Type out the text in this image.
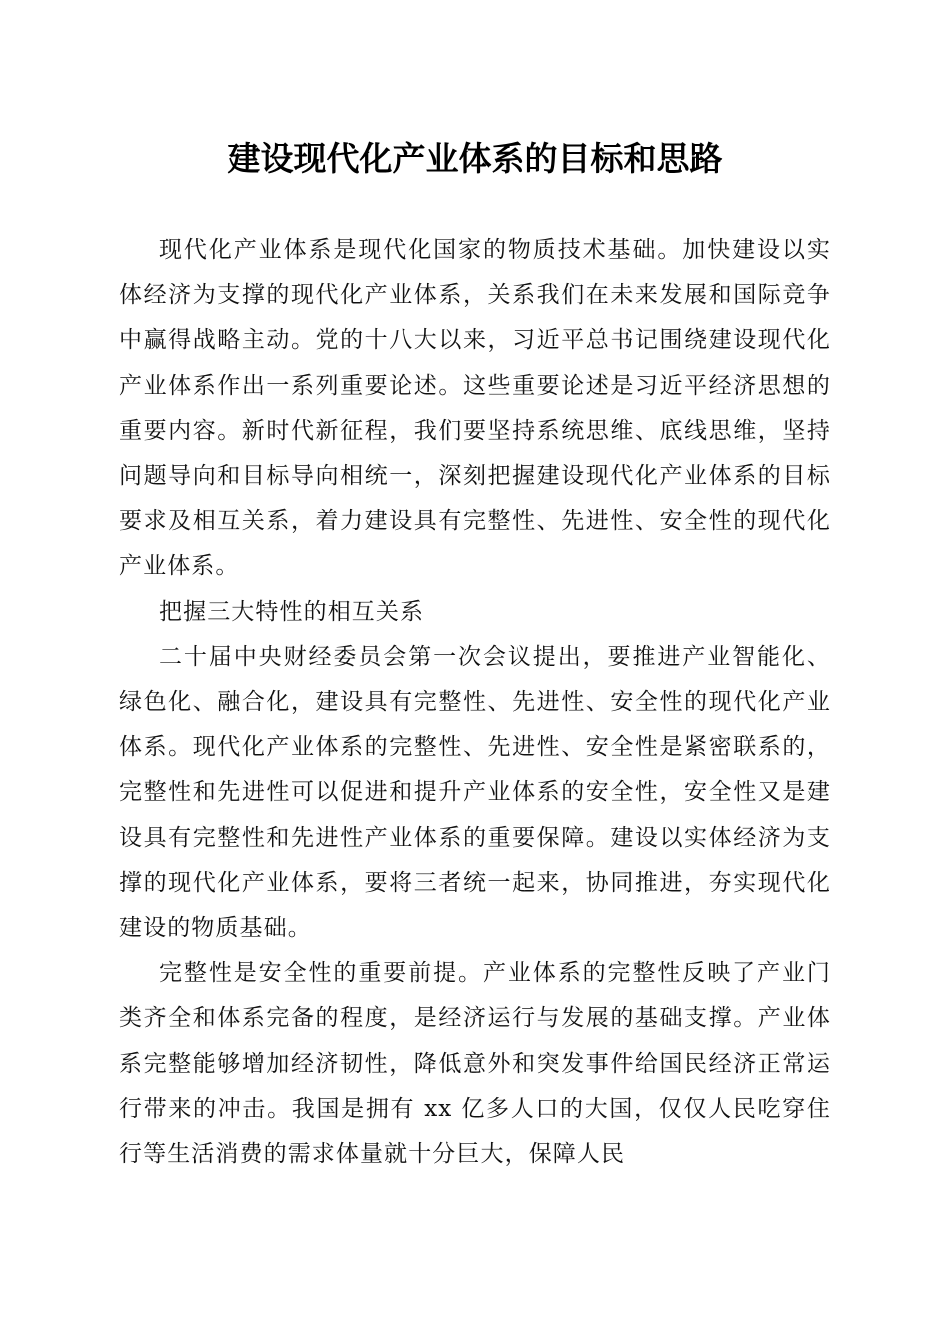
建设现代化产业体系的目标和思路

现代化产业体系是现代化国家的物质技术基础。加快建设以实体经济为支撑的现代化产业体系，关系我们在未来发展和国际竞争中赢得战略主动。党的十八大以来，习近平总书记围绕建设现代化产业体系作出一系列重要论述。这些重要论述是习近平经济思想的重要内容。新时代新征程，我们要坚持系统思维、底线思维，坚持问题导向和目标导向相统一，深刻把握建设现代化产业体系的目标要求及相互关系，着力建设具有完整性、先进性、安全性的现代化产业体系。

把握三大特性的相互关系

二十届中央财经委员会第一次会议提出，要推进产业智能化、绿色化、融合化，建设具有完整性、先进性、安全性的现代化产业体系。现代化产业体系的完整性、先进性、安全性是紧密联系的，完整性和先进性可以促进和提升产业体系的安全性，安全性又是建设具有完整性和先进性产业体系的重要保障。建设以实体经济为支撑的现代化产业体系，要将三者统一起来，协同推进，夯实现代化建设的物质基础。

完整性是安全性的重要前提。产业体系的完整性反映了产业门类齐全和体系完备的程度，是经济运行与发展的基础支撑。产业体系完整能够增加经济韧性，降低意外和突发事件给国民经济正常运行带来的冲击。我国是拥有 xx 亿多人口的大国，仅仅人民吃穿住行等生活消费的需求体量就十分巨大，保障人民
